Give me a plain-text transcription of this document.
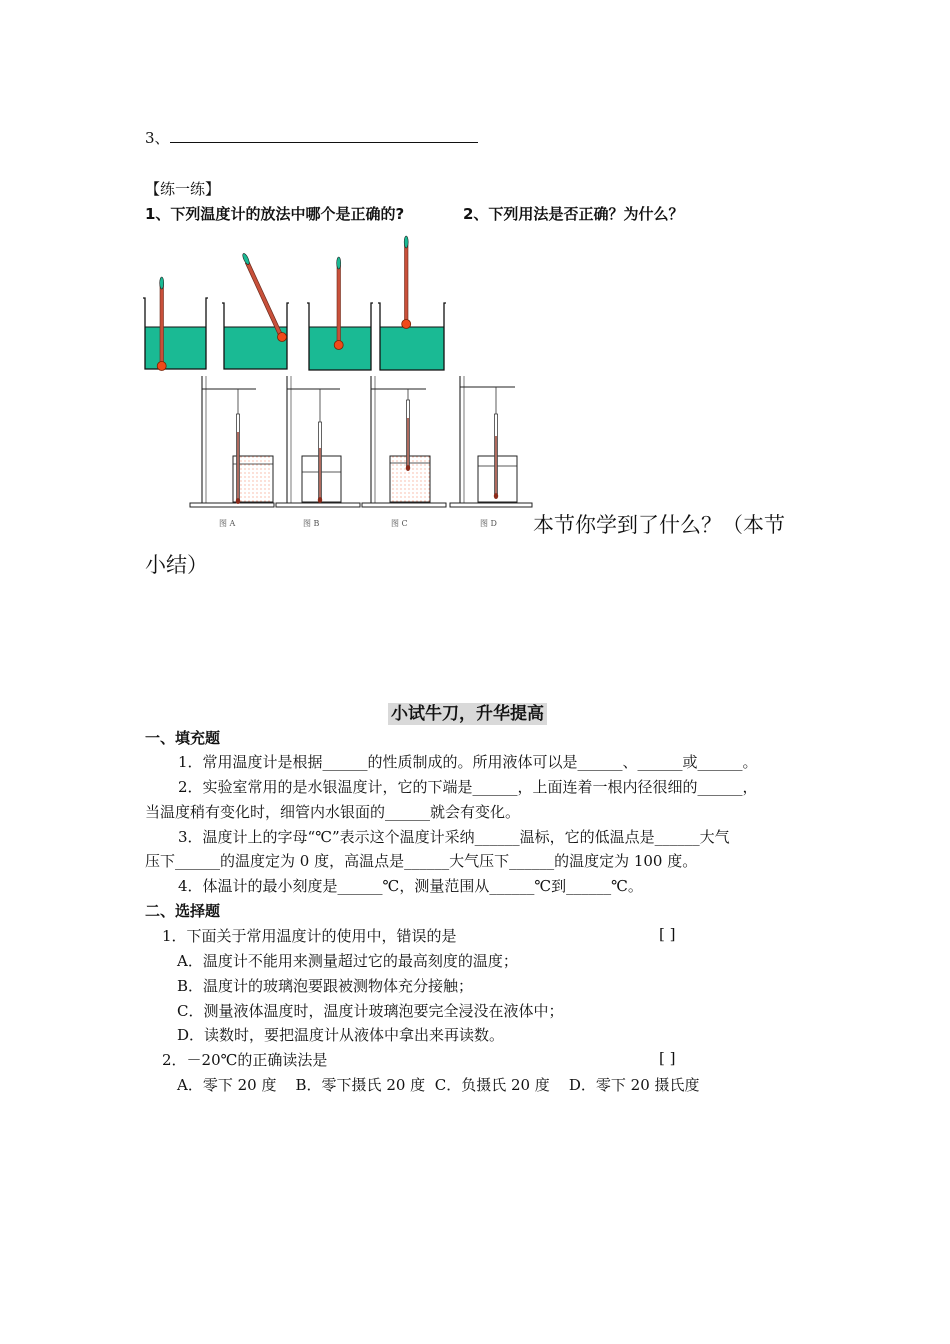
3、
【练一练】
1、下列温度计的放法中哪个是正确的?	2、下列用法是否正确？为什么？
图 A	图 B	图 C	图 D 本节你学到了什么？（本节
小结）
小试牛刀，升华提高
一、填充题
1．常用温度计是根据______的性质制成的。所用液体可以是______、______或______。
2．实验室常用的是水银温度计，它的下端是______，上面连着一根内径很细的______，
当温度稍有变化时，细管内水银面的______就会有变化。
3．温度计上的字母“℃”表示这个温度计采纳______温标，它的低温点是______大气
压下______的温度定为 0 度，高温点是______大气压下______的温度定为 100 度。
4．体温计的最小刻度是______℃，测量范围从______℃到______℃。
二、选择题
1．下面关于常用温度计的使用中，错误的是	[ ]
A．温度计不能用来测量超过它的最高刻度的温度；
B．温度计的玻璃泡要跟被测物体充分接触；
C．测量液体温度时，温度计玻璃泡要完全浸没在液体中；
D．读数时，要把温度计从液体中拿出来再读数。
2．－20℃的正确读法是	[ ]
A．零下 20 度    B．零下摄氏 20 度  C．负摄氏 20 度    D．零下 20 摄氏度
